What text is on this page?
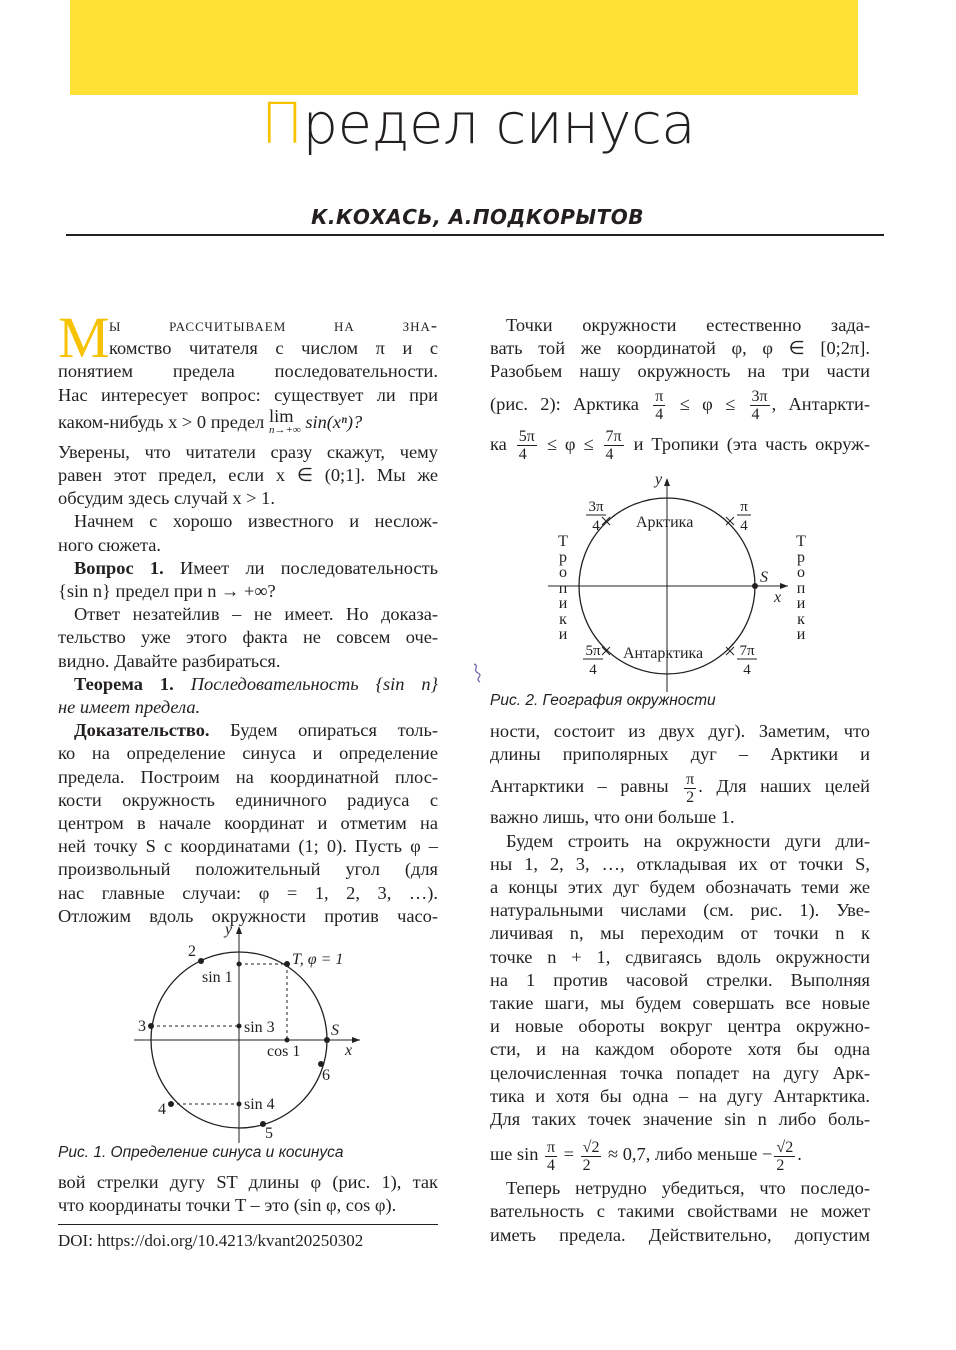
Предел синуса
К.КОХАСЬ, А.ПОДКОРЫТОВ
М ы рассчитываем на зна-
комство читателя с числом π и с
понятием предела последовательности.
Нас интересует вопрос: существует ли при
каком-нибудь x > 0 предел lim
n→+∞ sin(xⁿ)?
Уверены, что читатели сразу скажут, чему
равен этот предел, если x ∈ (0;1]. Мы же
обсудим здесь случай x > 1.
Начнем с хорошо известного и неслож-
ного сюжета.
Вопрос 1. Имеет ли последовательность
{sin n} предел при n → +∞?
Ответ незатейлив – не имеет. Но доказа-
тельство уже этого факта не совсем оче-
видно. Давайте разбираться.
Теорема 1. Последовательность {sin n}
не имеет предела.
Доказательство. Будем опираться толь-
ко на определение синуса и определение
предела. Построим на координатной плос-
кости окружность единичного радиуса с
центром в начале координат и отметим на
ней точку S с координатами (1; 0). Пусть φ –
произвольный положительный угол (для
нас главные случаи: φ = 1, 2, 3, …).
Отложим вдоль окружности против часо-
y
x
T, φ = 1
S
sin 1
sin 3
sin 4
cos 1
2
3
4
5
6
Рис. 1. Определение синуса и косинуса
вой стрелки дугу ST длины φ (рис. 1), так
что координаты точки T – это (sin φ, cos φ).
DOI: https://doi.org/10.4213/kvant20250302
Точки окружности естественно зада-
вать той же координатой φ, φ ∈ [0;2π].
Разобьем нашу окружность на три части
(рис. 2): Арктика $\frac{\pi}{4} \le \varphi \le \frac{3\pi}{4}$ , Антаркти-
ка $\frac{5\pi}{4} \le \varphi \le \frac{7\pi}{4}$ и Тропики (эта часть окруж-
y
x
S
Арктика
Антарктика
3π
4
π
4
5π
4
7π
4
Тропики
Тропики
Рис. 2. География окружности
ности, состоит из двух дуг). Заметим, что
длины приполярных дуг – Арктики и
Антарктики – равны $\frac{\pi}{2}$ . Для наших целей
важно лишь, что они больше 1.
Будем строить на окружности дуги дли-
ны 1, 2, 3, …, откладывая их от точки S,
а концы этих дуг будем обозначать теми же
натуральными числами (см. рис. 1). Уве-
личивая n, мы переходим от точки n к
точке n + 1, сдвигаясь вдоль окружности
на 1 против часовой стрелки. Выполняя
такие шаги, мы будем совершать все новые
и новые обороты вокруг центра окружно-
сти, и на каждом обороте хотя бы одна
целочисленная точка попадет на дугу Арк-
тика и хотя бы одна – на дугу Антарктика.
Для таких точек значение sin n либо боль-
ше $\sin \frac{\pi}{4} = \frac{√2}{2} \approx 0,7$, либо меньше − $\frac{√2}{2}$ .
Теперь нетрудно убедиться, что последо-
вательность с такими свойствами не может
иметь предела. Действительно, допустим
